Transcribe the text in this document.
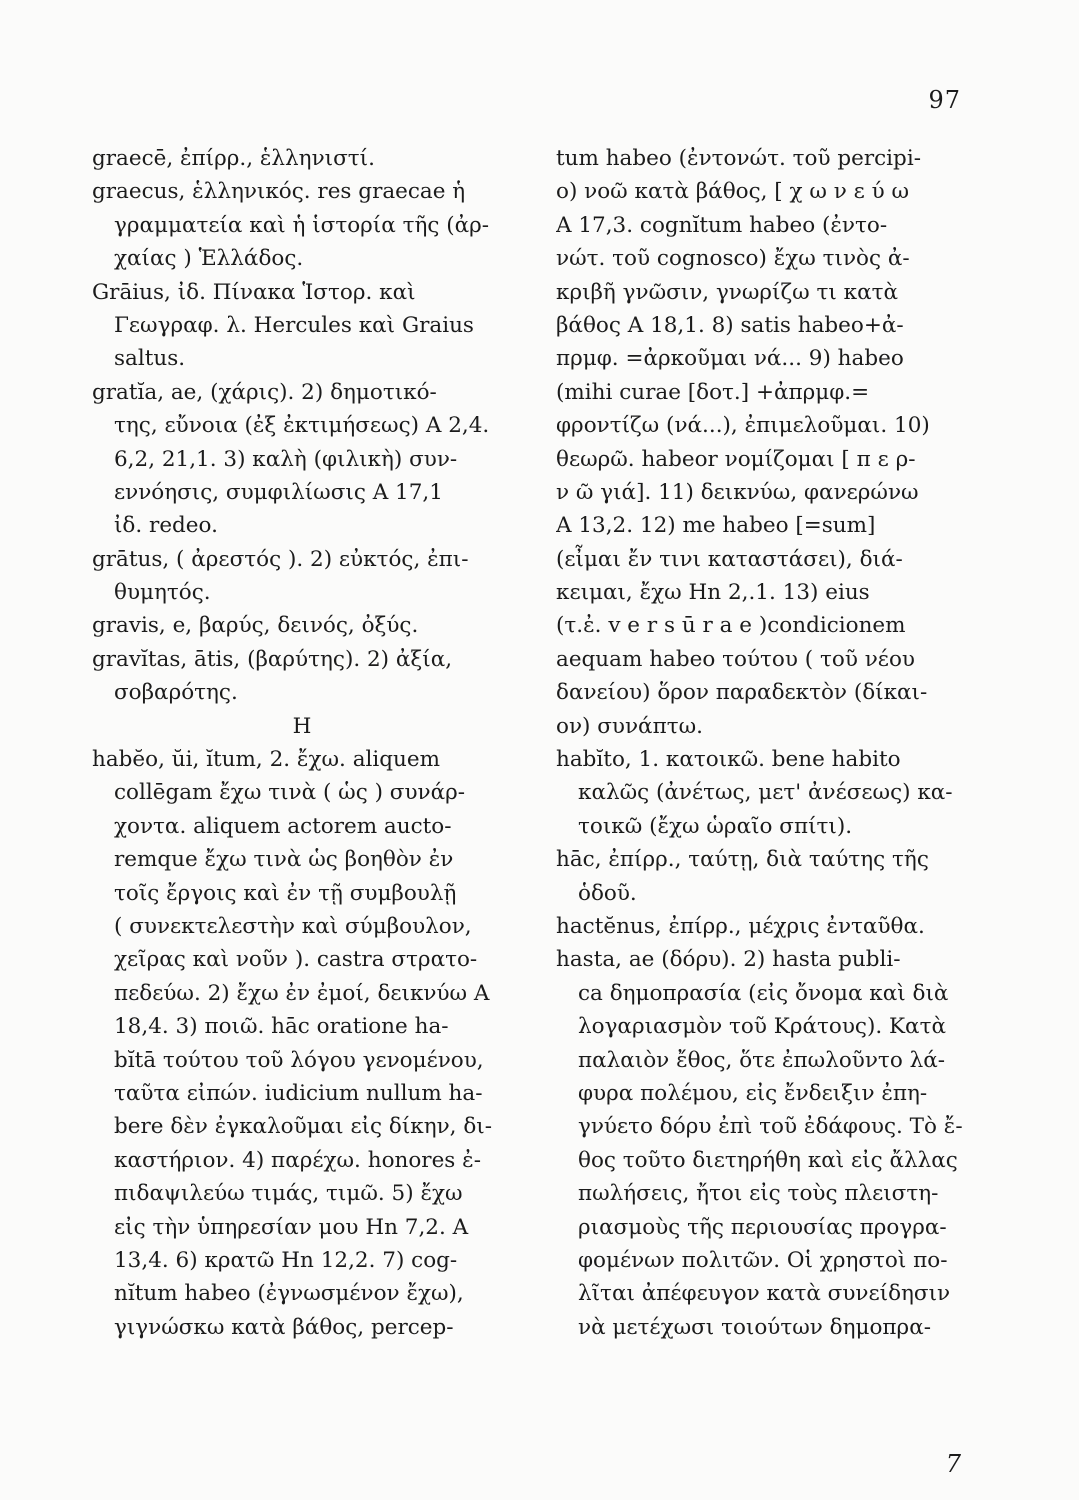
97
graecē, ἐπίρρ., ἑλληνιστί.
graecus, ἑλληνικός. res graecae ἡ
γραμματεία καὶ ἡ ἱστορία τῆς (ἀρ-
χαίας ) Ἑλλάδος.
Grāius, ἰδ. Πίνακα Ἱστορ. καὶ
Γεωγραφ. λ. Hercules καὶ Graius
saltus.
gratĭa, ae, (χάρις). 2) δημοτικό-
της, εὔνοια (ἐξ ἐκτιμήσεως) Α 2,4.
6,2, 21,1. 3) καλὴ (φιλικὴ) συν-
εννόησις, συμφιλίωσις Α 17,1
ἰδ. redeo.
grātus, ( ἀρεστός ). 2) εὐκτός, ἐπι-
θυμητός.
gravis, e, βαρύς, δεινός, ὀξύς.
gravĭtas, ātis, (βαρύτης). 2) ἀξία,
σοβαρότης.
H
habĕo, ŭi, ĭtum, 2. ἔχω. aliquem
collēgam ἔχω τινὰ ( ὡς ) συνάρ-
χοντα. aliquem actorem aucto-
remque ἔχω τινὰ ὡς βοηθὸν ἐν
τοῖς ἔργοις καὶ ἐν τῇ συμβουλῇ
( συνεκτελεστὴν καὶ σύμβουλον,
χεῖρας καὶ νοῦν ). castra στρατο-
πεδεύω. 2) ἔχω ἐν ἐμοί, δεικνύω Α
18,4. 3) ποιῶ. hāc oratione ha-
bĭtā τούτου τοῦ λόγου γενομένου,
ταῦτα εἰπών. iudicium nullum ha-
bere δὲν ἐγκαλοῦμαι εἰς δίκην, δι-
καστήριον. 4) παρέχω. honores ἐ-
πιδαψιλεύω τιμάς, τιμῶ. 5) ἔχω
εἰς τὴν ὑπηρεσίαν μου Hn 7,2. Α
13,4. 6) κρατῶ Hn 12,2. 7) cog-
nĭtum habeo (ἐγνωσμένον ἔχω),
γιγνώσκω κατὰ βάθος, percep-
tum habeo (ἐντονώτ. τοῦ percipi-
o) νοῶ κατὰ βάθος, [ χ ω ν ε ύ ω
Α 17,3. cognĭtum habeo (ἐντο-
νώτ. τοῦ cognosco) ἔχω τινὸς ἀ-
κριβῆ γνῶσιν, γνωρίζω τι κατὰ
βάθος Α 18,1. 8) satis habeo+ἀ-
πρμφ. =ἀρκοῦμαι νά... 9) habeo
(mihi curae [δοτ.] +ἀπρμφ.=
φροντίζω (νά...), ἐπιμελοῦμαι. 10)
θεωρῶ. habeor νομίζομαι [ π ε ρ-
ν ῶ γιά]. 11) δεικνύω, φανερώνω
Α 13,2. 12) me habeo [=sum]
(εἶμαι ἔν τινι καταστάσει), διά-
κειμαι, ἔχω Hn 2,.1. 13) eius
(τ.ἐ. v e r s ū r a e )condicionem
aequam habeo τούτου ( τοῦ νέου
δανείου) ὅρον παραδεκτὸν (δίκαι-
ον) συνάπτω.
habĭto, 1. κατοικῶ. bene habito
καλῶς (ἀνέτως, μετ' ἀνέσεως) κα-
τοικῶ (ἔχω ὡραῖο σπίτι).
hāc, ἐπίρρ., ταύτῃ, διὰ ταύτης τῆς
ὁδοῦ.
hactĕnus, ἐπίρρ., μέχρις ἐνταῦθα.
hasta, ae (δόρυ). 2) hasta publi-
ca δημοπρασία (εἰς ὄνομα καὶ διὰ
λογαριασμὸν τοῦ Κράτους). Κατὰ
παλαιὸν ἔθος, ὅτε ἐπωλοῦντο λά-
φυρα πολέμου, εἰς ἔνδειξιν ἐπη-
γνύετο δόρυ ἐπὶ τοῦ ἐδάφους. Τὸ ἔ-
θος τοῦτο διετηρήθη καὶ εἰς ἄλλας
πωλήσεις, ἤτοι εἰς τοὺς πλειστη-
ριασμοὺς τῆς περιουσίας προγρα-
φομένων πολιτῶν. Οἱ χρηστοὶ πο-
λῖται ἀπέφευγον κατὰ συνείδησιν
νὰ μετέχωσι τοιούτων δημοπρα-
7
